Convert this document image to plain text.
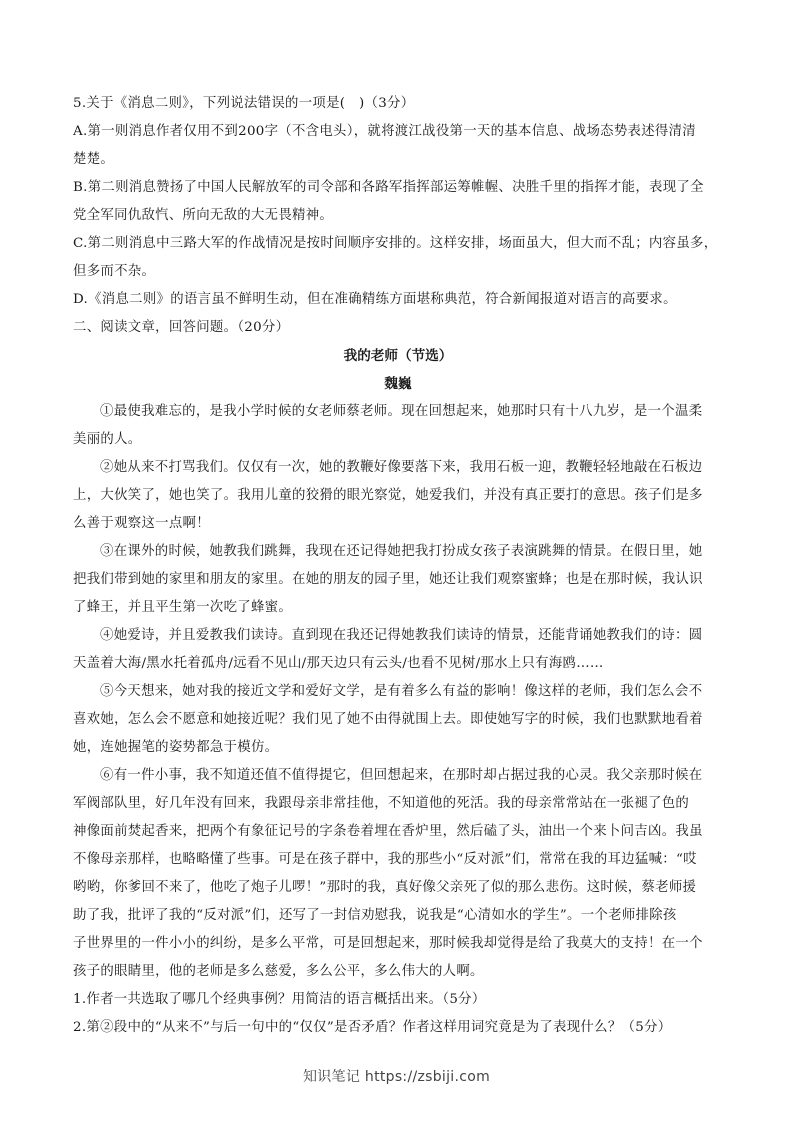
5.关于《消息二则》，下列说法错误的一项是(　)（3分）
A.第一则消息作者仅用不到200字（不含电头），就将渡江战役第一天的基本信息、战场态势表述得清清
楚楚。
B.第二则消息赞扬了中国人民解放军的司令部和各路军指挥部运筹帷幄、决胜千里的指挥才能，表现了全
党全军同仇敌忾、所向无敌的大无畏精神。
C.第二则消息中三路大军的作战情况是按时间顺序安排的。这样安排，场面虽大，但大而不乱；内容虽多，
但多而不杂。
D.《消息二则》的语言虽不鲜明生动，但在准确精练方面堪称典范，符合新闻报道对语言的高要求。
二、阅读文章，回答问题。（20分）
我的老师（节选）
魏巍
①最使我难忘的，是我小学时候的女老师蔡老师。现在回想起来，她那时只有十八九岁，是一个温柔
美丽的人。
②她从来不打骂我们。仅仅有一次，她的教鞭好像要落下来，我用石板一迎，教鞭轻轻地敲在石板边
上，大伙笑了，她也笑了。我用儿童的狡猾的眼光察觉，她爱我们，并没有真正要打的意思。孩子们是多
么善于观察这一点啊！
③在课外的时候，她教我们跳舞，我现在还记得她把我打扮成女孩子表演跳舞的情景。在假日里，她
把我们带到她的家里和朋友的家里。在她的朋友的园子里，她还让我们观察蜜蜂；也是在那时候，我认识
了蜂王，并且平生第一次吃了蜂蜜。
④她爱诗，并且爱教我们读诗。直到现在我还记得她教我们读诗的情景，还能背诵她教我们的诗：圆
天盖着大海/黑水托着孤舟/远看不见山/那天边只有云头/也看不见树/那水上只有海鸥……
⑤今天想来，她对我的接近文学和爱好文学，是有着多么有益的影响！像这样的老师，我们怎么会不
喜欢她，怎么会不愿意和她接近呢？我们见了她不由得就围上去。即使她写字的时候，我们也默默地看着
她，连她握笔的姿势都急于模仿。
⑥有一件小事，我不知道还值不值得提它，但回想起来，在那时却占据过我的心灵。我父亲那时候在
军阀部队里，好几年没有回来，我跟母亲非常挂他，不知道他的死活。我的母亲常常站在一张褪了色的
神像面前焚起香来，把两个有象征记号的字条卷着埋在香炉里，然后磕了头，油出一个来卜问吉凶。我虽
不像母亲那样，也略略懂了些事。可是在孩子群中，我的那些小“反对派”们，常常在我的耳边猛喊：“哎
哟哟，你爹回不来了，他吃了炮子儿啰！”那时的我，真好像父亲死了似的那么悲伤。这时候，蔡老师援
助了我，批评了我的“反对派”们，还写了一封信劝慰我，说我是“心清如水的学生”。一个老师排除孩
子世界里的一件小小的纠纷，是多么平常，可是回想起来，那时候我却觉得是给了我莫大的支持！在一个
孩子的眼睛里，他的老师是多么慈爱，多么公平，多么伟大的人啊。
1.作者一共选取了哪几个经典事例？用简洁的语言概括出来。（5分）
2.第②段中的“从来不”与后一句中的“仅仅”是否矛盾？作者这样用词究竟是为了表现什么？（5分）
知识笔记 https://zsbiji.com
